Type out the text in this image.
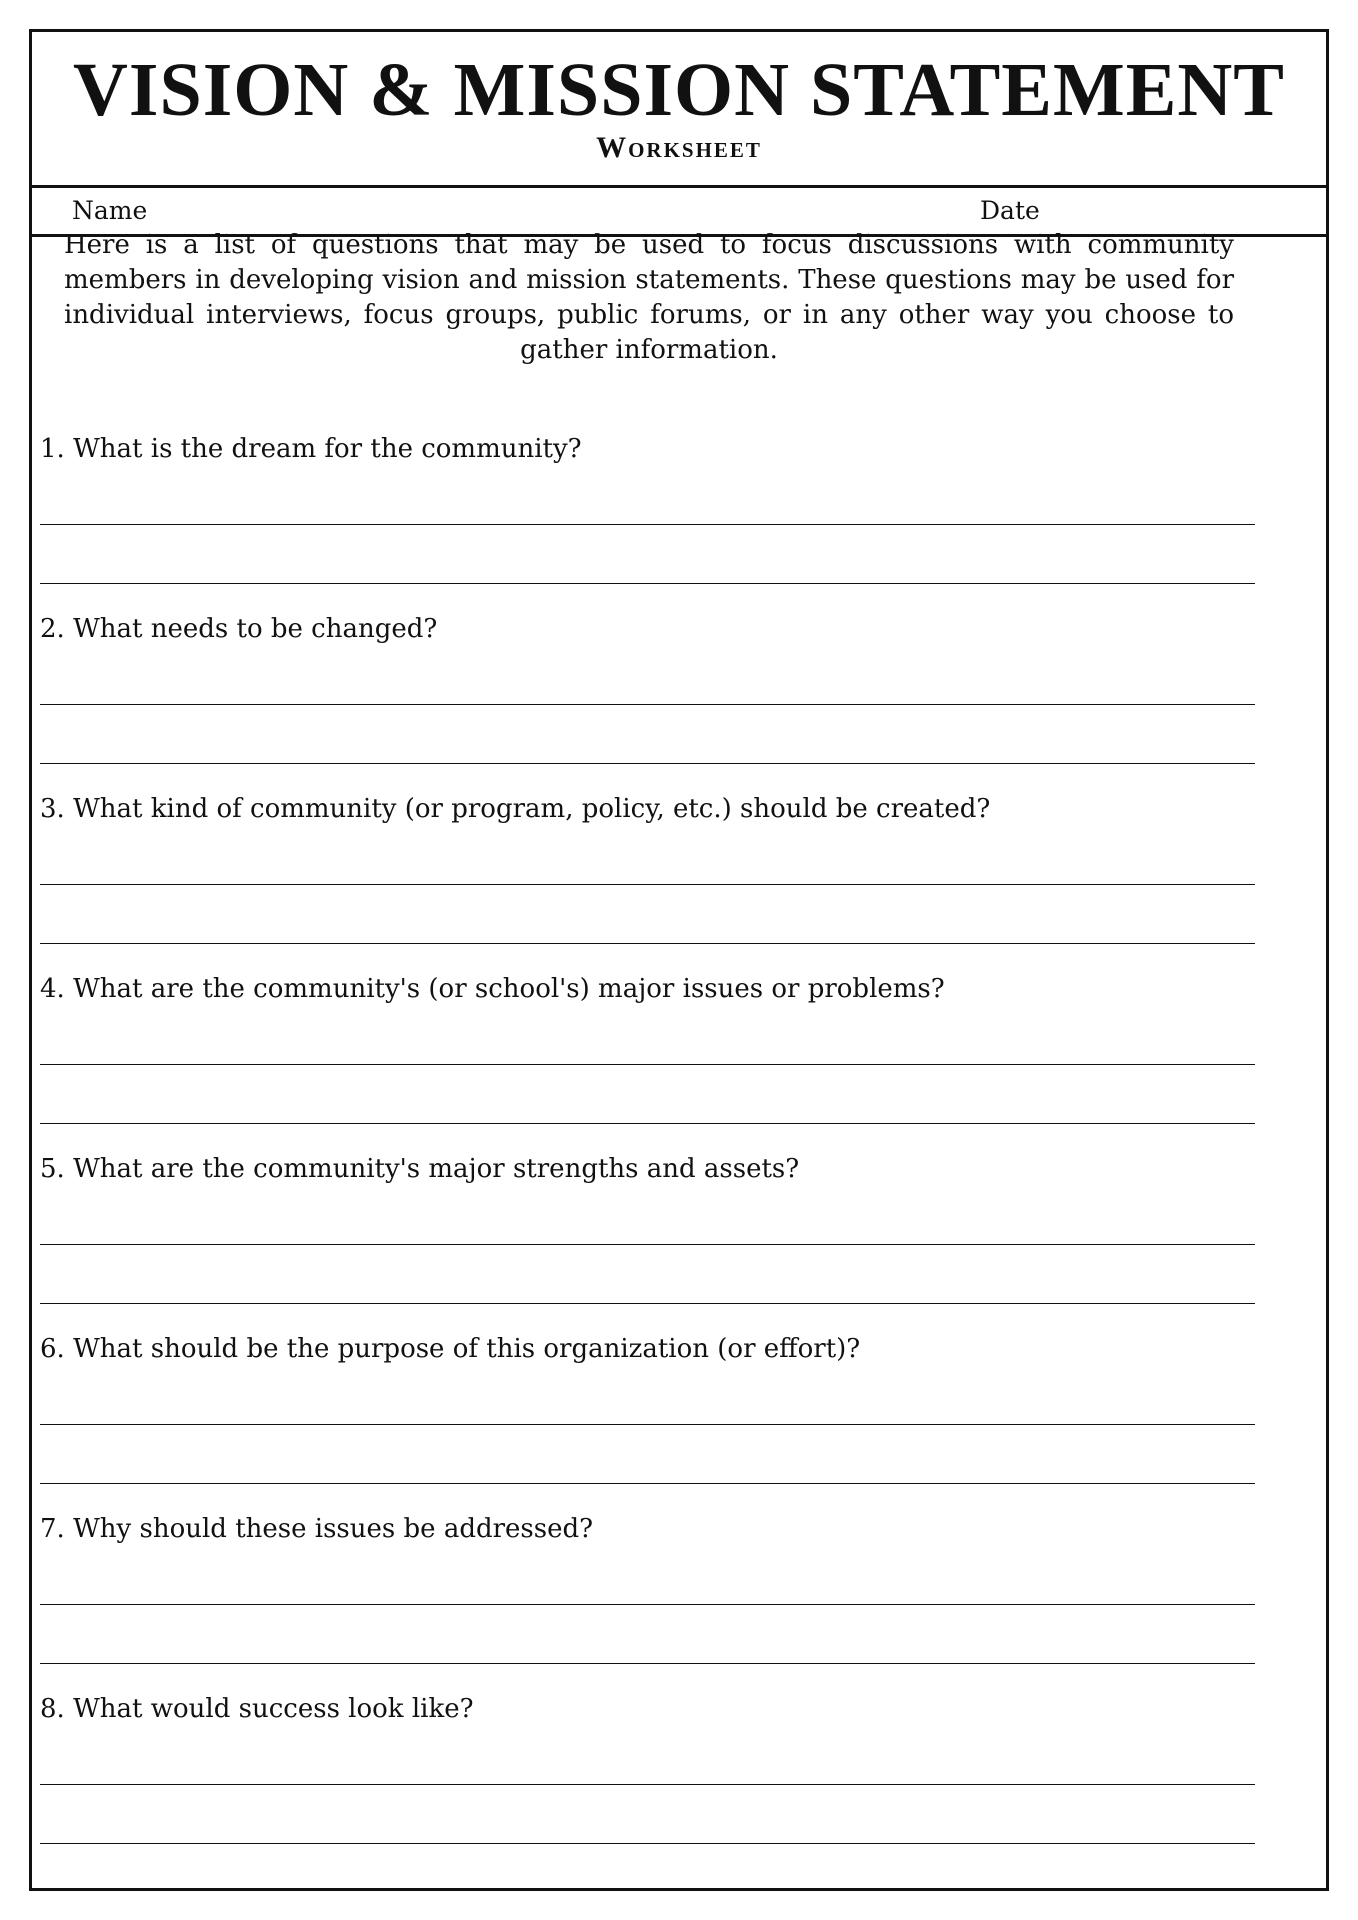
VISION & MISSION STATEMENT
Worksheet
Name	Date

Here is a list of questions that may be used to focus discussions with community members in developing vision and mission statements. These questions may be used for individual interviews, focus groups, public forums, or in any other way you choose to gather information.

1. What is the dream for the community?

2. What needs to be changed?

3. What kind of community (or program, policy, etc.) should be created?

4. What are the community's (or school's) major issues or problems?

5. What are the community's major strengths and assets?

6. What should be the purpose of this organization (or effort)?

7. Why should these issues be addressed?

8. What would success look like?
